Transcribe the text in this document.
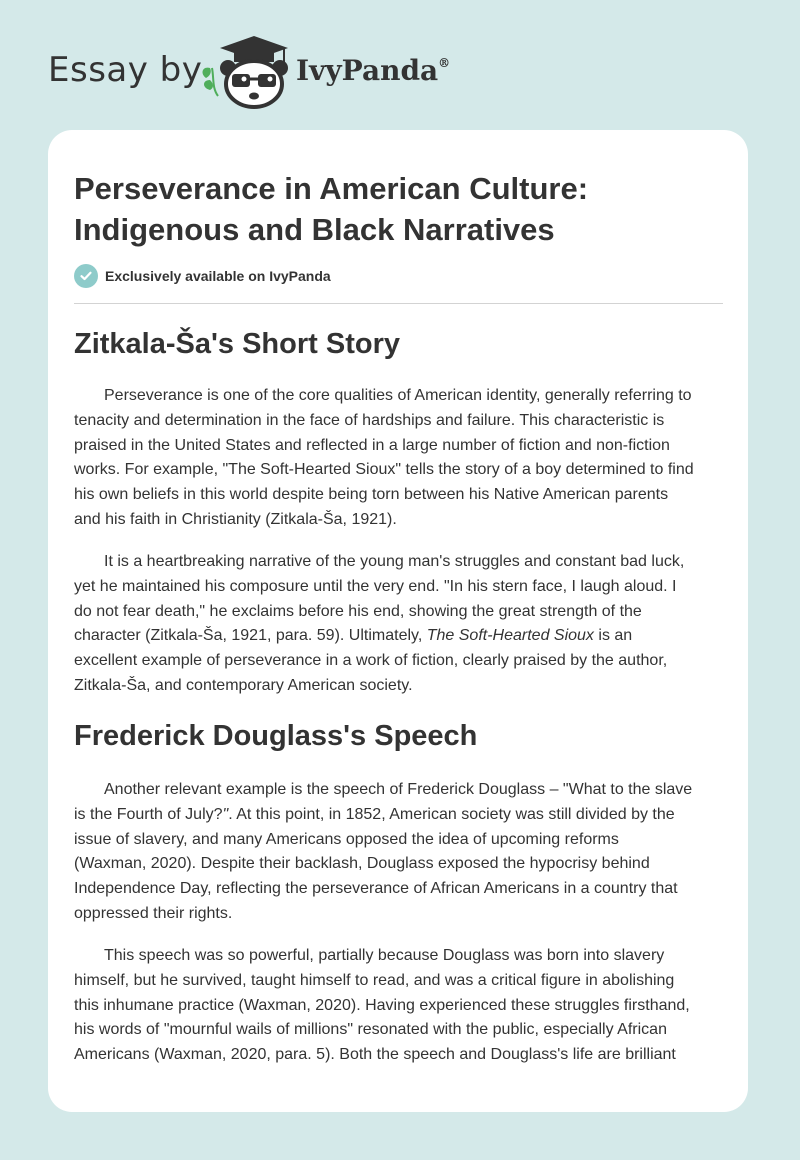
Essay by	IvyPanda®
Perseverance in American Culture:
Indigenous and Black Narratives
Exclusively available on IvyPanda
Zitkala-Ša's Short Story

Perseverance is one of the core qualities of American identity, generally referring to
tenacity and determination in the face of hardships and failure. This characteristic is
praised in the United States and reflected in a large number of fiction and non-fiction
works. For example, "The Soft-Hearted Sioux" tells the story of a boy determined to find
his own beliefs in this world despite being torn between his Native American parents
and his faith in Christianity (Zitkala-Ša, 1921).

It is a heartbreaking narrative of the young man's struggles and constant bad luck,
yet he maintained his composure until the very end. "In his stern face, I laugh aloud. I
do not fear death," he exclaims before his end, showing the great strength of the
character (Zitkala-Ša, 1921, para. 59). Ultimately, The Soft-Hearted Sioux is an
excellent example of perseverance in a work of fiction, clearly praised by the author,
Zitkala-Ša, and contemporary American society.

Frederick Douglass's Speech

Another relevant example is the speech of Frederick Douglass – "What to the slave
is the Fourth of July?". At this point, in 1852, American society was still divided by the
issue of slavery, and many Americans opposed the idea of upcoming reforms
(Waxman, 2020). Despite their backlash, Douglass exposed the hypocrisy behind
Independence Day, reflecting the perseverance of African Americans in a country that
oppressed their rights.

This speech was so powerful, partially because Douglass was born into slavery
himself, but he survived, taught himself to read, and was a critical figure in abolishing
this inhumane practice (Waxman, 2020). Having experienced these struggles firsthand,
his words of "mournful wails of millions" resonated with the public, especially African
Americans (Waxman, 2020, para. 5). Both the speech and Douglass's life are brilliant
